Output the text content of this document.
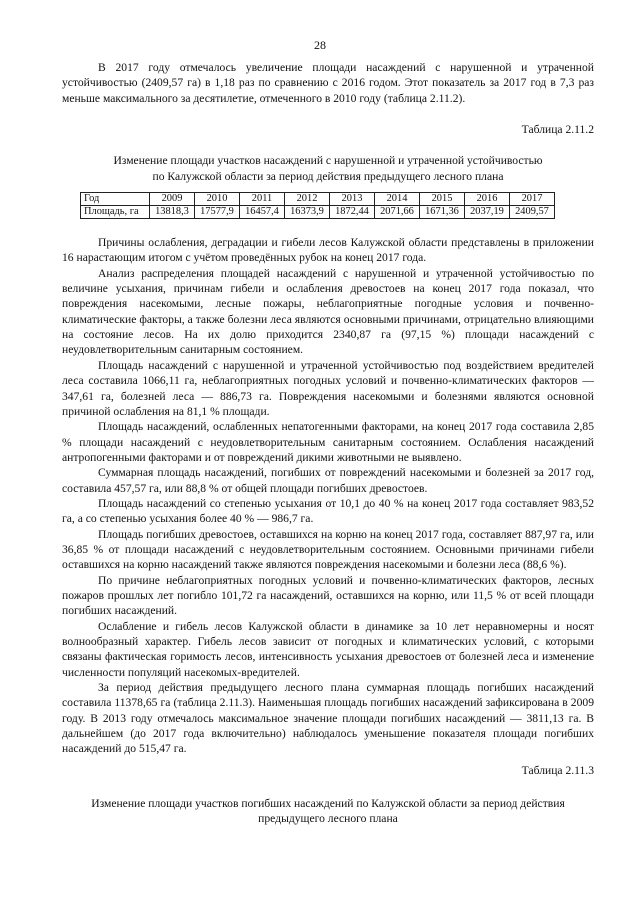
28

В 2017 году отмечалось увеличение площади насаждений с нарушенной и утраченной устойчивостью (2409,57 га) в 1,18 раз по сравнению с 2016 годом. Этот показатель за 2017 год в 7,3 раз меньше максимального за десятилетие, отмеченного в 2010 году (таблица 2.11.2).

Таблица 2.11.2

Изменение площади участков насаждений с нарушенной и утраченной устойчивостью
по Калужской области за период действия предыдущего лесного плана

Год	2009	2010	2011	2012	2013	2014	2015	2016	2017
Площадь, га	13818,3	17577,9	16457,4	16373,9	1872,44	2071,66	1671,36	2037,19	2409,57

Причины ослабления, деградации и гибели лесов Калужской области представлены в приложении 16 нарастающим итогом с учётом проведённых рубок на конец 2017 года.

Анализ распределения площадей насаждений с нарушенной и утраченной устойчивостью по величине усыхания, причинам гибели и ослабления древостоев на конец 2017 года показал, что повреждения насекомыми, лесные пожары, неблагоприятные погодные условия и почвенно-климатические факторы, а также болезни леса являются основными причинами, отрицательно влияющими на состояние лесов. На их долю приходится 2340,87 га (97,15 %) площади насаждений с неудовлетворительным санитарным состоянием.

Площадь насаждений с нарушенной и утраченной устойчивостью под воздействием вредителей леса составила 1066,11 га, неблагоприятных погодных условий и почвенно-климатических факторов — 347,61 га, болезней леса — 886,73 га. Повреждения насекомыми и болезнями являются основной причиной ослабления на 81,1 % площади.

Площадь насаждений, ослабленных непатогенными факторами, на конец 2017 года составила 2,85 % площади насаждений с неудовлетворительным санитарным состоянием. Ослабления насаждений антропогенными факторами и от повреждений дикими животными не выявлено.

Суммарная площадь насаждений, погибших от повреждений насекомыми и болезней за 2017 год, составила 457,57 га, или 88,8 % от общей площади погибших древостоев.

Площадь насаждений со степенью усыхания от 10,1 до 40 % на конец 2017 года составляет 983,52 га, а со степенью усыхания более 40 % — 986,7 га.

Площадь погибших древостоев, оставшихся на корню на конец 2017 года, составляет 887,97 га, или 36,85 % от площади насаждений с неудовлетворительным состоянием. Основными причинами гибели оставшихся на корню насаждений также являются повреждения насекомыми и болезни леса (88,6 %).

По причине неблагоприятных погодных условий и почвенно-климатических факторов, лесных пожаров прошлых лет погибло 101,72 га насаждений, оставшихся на корню, или 11,5 % от всей площади погибших насаждений.

Ослабление и гибель лесов Калужской области в динамике за 10 лет неравномерны и носят волнообразный характер. Гибель лесов зависит от погодных и климатических условий, с которыми связаны фактическая горимость лесов, интенсивность усыхания древостоев от болезней леса и изменение численности популяций насекомых-вредителей.

За период действия предыдущего лесного плана суммарная площадь погибших насаждений составила 11378,65 га (таблица 2.11.3). Наименьшая площадь погибших насаждений зафиксирована в 2009 году. В 2013 году отмечалось максимальное значение площади погибших насаждений — 3811,13 га. В дальнейшем (до 2017 года включительно) наблюдалось уменьшение показателя площади погибших насаждений до 515,47 га.

Таблица 2.11.3

Изменение площади участков погибших насаждений по Калужской области за период действия предыдущего лесного плана
